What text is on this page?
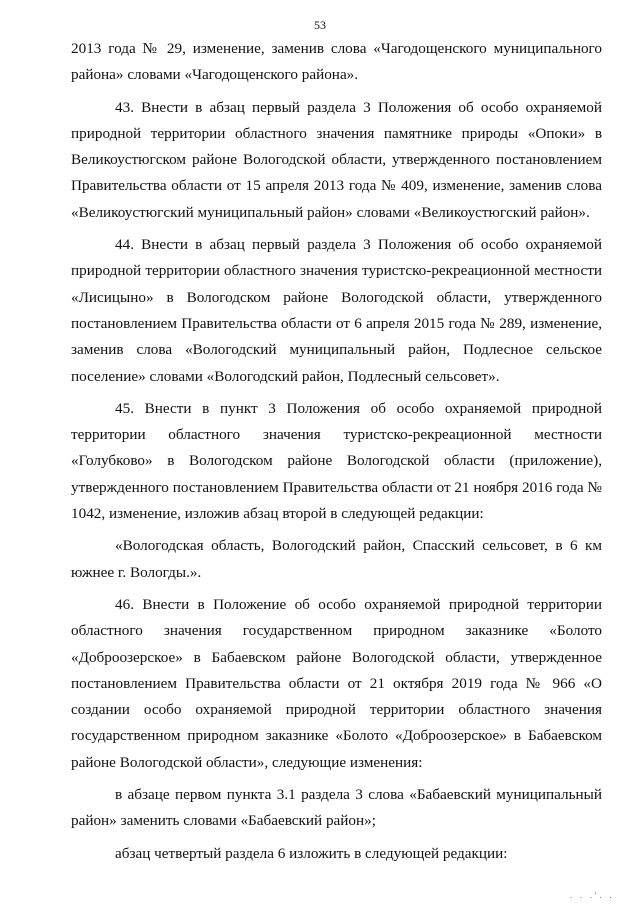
53

2013 года № 29, изменение, заменив слова «Чагодощенского муниципального района» словами «Чагодощенского района».

43. Внести в абзац первый раздела 3 Положения об особо охраняемой природной территории областного значения памятнике природы «Опоки» в Великоустюгском районе Вологодской области, утвержденного постановлением Правительства области от 15 апреля 2013 года № 409, изменение, заменив слова «Великоустюгский муниципальный район» словами «Великоустюгский район».

44. Внести в абзац первый раздела 3 Положения об особо охраняемой природной территории областного значения туристско-рекреационной местности «Лисицыно» в Вологодском районе Вологодской области, утвержденного постановлением Правительства области от 6 апреля 2015 года № 289, изменение, заменив слова «Вологодский муниципальный район, Подлесное сельское поселение» словами «Вологодский район, Подлесный сельсовет».

45. Внести в пункт 3 Положения об особо охраняемой природной территории областного значения туристско-рекреационной местности «Голубково» в Вологодском районе Вологодской области (приложение), утвержденного постановлением Правительства области от 21 ноября 2016 года № 1042, изменение, изложив абзац второй в следующей редакции:

«Вологодская область, Вологодский район, Спасский сельсовет, в 6 км южнее г. Вологды.».

46. Внести в Положение об особо охраняемой природной территории областного значения государственном природном заказнике «Болото «Доброозерское» в Бабаевском районе Вологодской области, утвержденное постановлением Правительства области от 21 октября 2019 года № 966 «О создании особо охраняемой природной территории областного значения государственном природном заказнике «Болото «Доброозерское» в Бабаевском районе Вологодской области», следующие изменения:

в абзаце первом пункта 3.1 раздела 3 слова «Бабаевский муниципальный район» заменить словами «Бабаевский район»;

абзац четвертый раздела 6 изложить в следующей редакции:

. . .'. .
